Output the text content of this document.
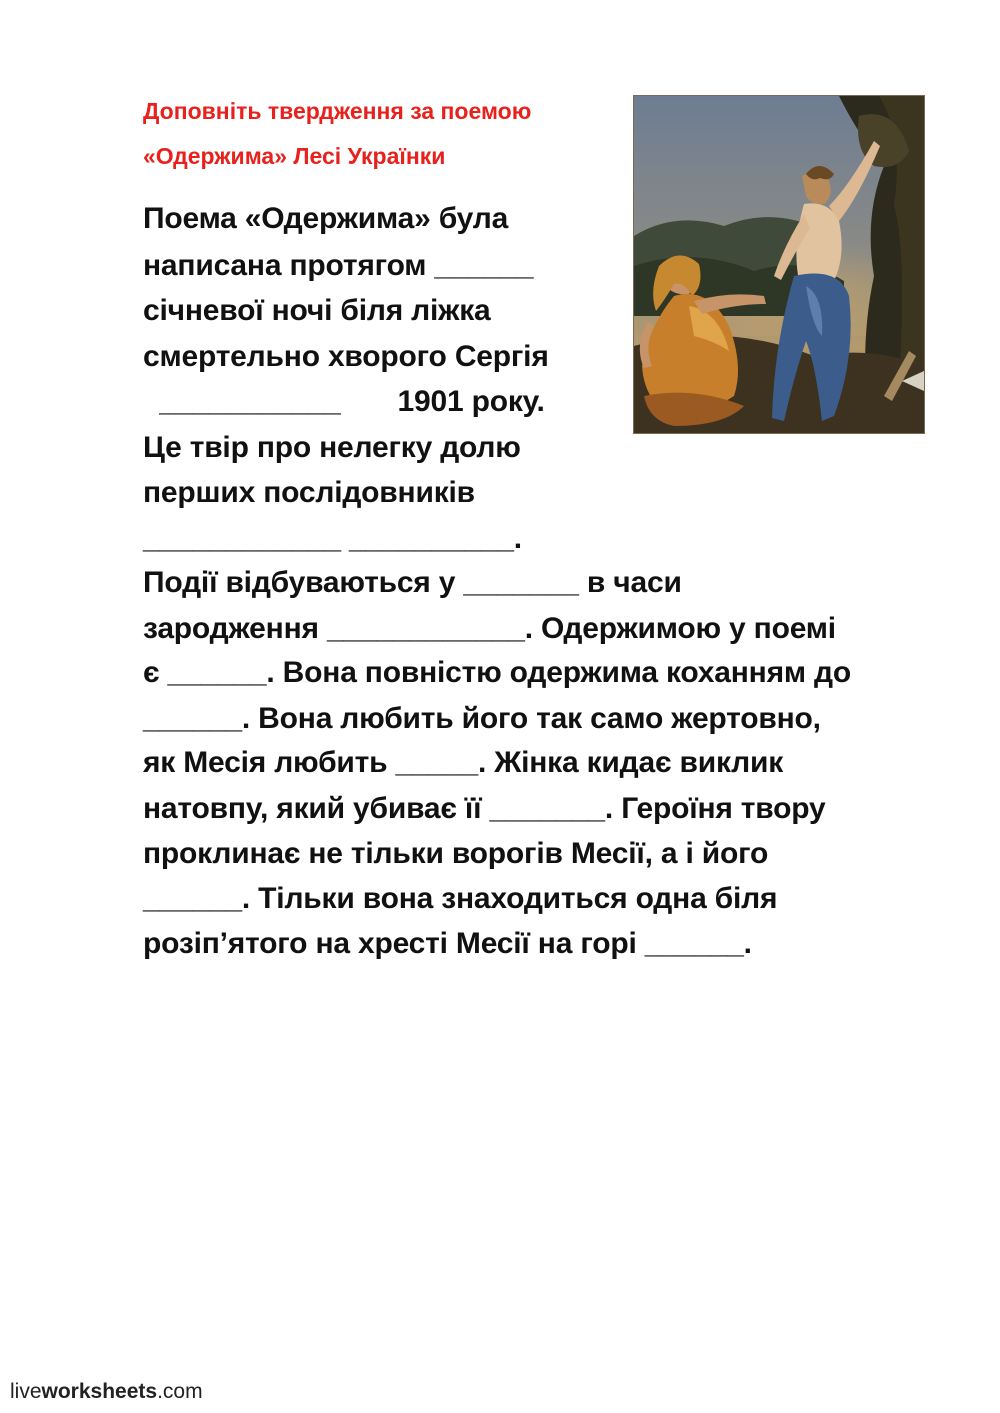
Доповніть твердження за поемою
«Одержима» Лесі Українки
Поема «Одержима» була
написана протягом ______
січневої ночі біля ліжка
смертельно хворого Сергія
___________       1901 року.
Це твір про нелегку долю
перших послідовників
____________ __________.
Події відбуваються у _______ в часи
зародження ____________. Одержимою у поемі
є ______. Вона повністю одержима коханням до
______. Вона любить його так само жертовно,
як Месія любить _____. Жінка кидає виклик
натовпу, який убиває її _______. Героїня твору
проклинає не тільки ворогів Месії, а і його
______. Тільки вона знаходиться одна біля
розіп’ятого на хресті Месії на горі ______.
liveworksheets.com
